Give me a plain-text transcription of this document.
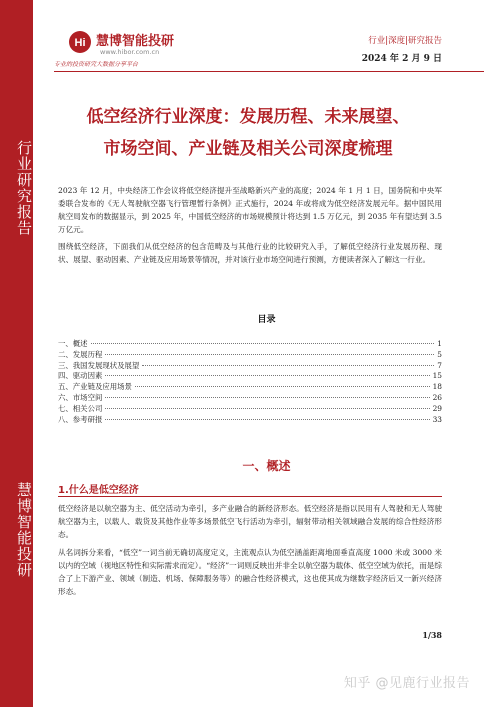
行业研究报告
慧博智能投研
Hi 慧博智能投研
www.hibor.com.cn
专业的投资研究大数据分享平台
行业|深度|研究报告
2024 年 2 月 9 日
低空经济行业深度：发展历程、未来展望、
市场空间、产业链及相关公司深度梳理
2023 年 12 月，中央经济工作会议将低空经济提升至战略新兴产业的高度；2024 年 1 月 1 日，国务院和中央军委联合发布的《无人驾驶航空器飞行管理暂行条例》正式施行，2024 年或将成为低空经济发展元年。据中国民用航空局发布的数据显示，到 2025 年，中国低空经济的市场规模预计将达到 1.5 万亿元，到 2035 年有望达到 3.5 万亿元。
围绕低空经济，下面我们从低空经济的包含范畴及与其他行业的比较研究入手，了解低空经济行业发展历程、现状、展望、驱动因素、产业链及应用场景等情况，并对该行业市场空间进行预测，方便读者深入了解这一行业。
目录
一、概述	1
二、发展历程	5
三、我国发展现状及展望	7
四、驱动因素	15
五、产业链及应用场景	18
六、市场空间	26
七、相关公司	29
八、参考研报	33
一、概述
1.什么是低空经济
低空经济是以航空器为主、低空活动为牵引，多产业融合的新经济形态。低空经济是指以民用有人驾驶和无人驾驶航空器为主，以载人、载货及其他作业等多场景低空飞行活动为牵引，辐射带动相关领域融合发展的综合性经济形态。
从名词拆分来看，“低空”一词当前无确切高度定义，主流观点认为低空涵盖距离地面垂直高度 1000 米或 3000 米以内的空域（视地区特性和实际需求而定）。“经济”一词则反映出并非全以航空器为载体、低空空域为依托，而是综合了上下游产业、领域（制造、机场、保障服务等）的融合性经济模式，这也使其成为继数字经济后又一新兴经济形态。
1/38
知乎 @见鹿行业报告
